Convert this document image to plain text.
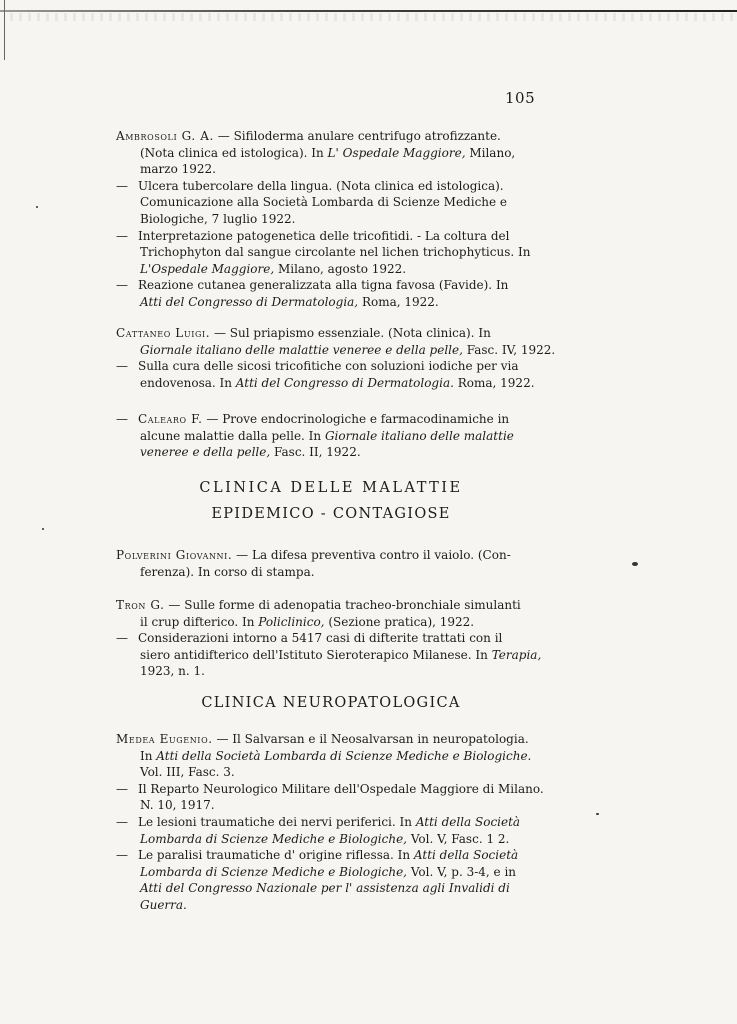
105

Ambrosoli G. A. — Sifiloderma anulare centrifugo atrofizzante.
(Nota clinica ed istologica). In L' Ospedale Maggiore, Milano,
marzo 1922.

— Ulcera tubercolare della lingua. (Nota clinica ed istologica).
Comunicazione alla Società Lombarda di Scienze Mediche e
Biologiche, 7 luglio 1922.

— Interpretazione patogenetica delle tricofitidi. - La coltura del
Trichophyton dal sangue circolante nel lichen trichophyticus. In
L'Ospedale Maggiore, Milano, agosto 1922.

— Reazione cutanea generalizzata alla tigna favosa (Favide). In
Atti del Congresso di Dermatologia, Roma, 1922.

Cattaneo Luigi. — Sul priapismo essenziale. (Nota clinica). In
Giornale italiano delle malattie veneree e della pelle, Fasc. IV, 1922.

— Sulla cura delle sicosi tricofitiche con soluzioni iodiche per via
endovenosa. In Atti del Congresso di Dermatologia. Roma, 1922.

— Calearo F. — Prove endocrinologiche e farmacodinamiche in
alcune malattie dalla pelle. In Giornale italiano delle malattie
veneree e della pelle, Fasc. II, 1922.

CLINICA DELLE MALATTIE
EPIDEMICO - CONTAGIOSE

Polverini Giovanni. — La difesa preventiva contro il vaiolo. (Con-
ferenza). In corso di stampa.

Tron G. — Sulle forme di adenopatia tracheo-bronchiale simulanti
il crup difterico. In Policlinico, (Sezione pratica), 1922.

— Considerazioni intorno a 5417 casi di difterite trattati con il
siero antidifterico dell'Istituto Sieroterapico Milanese. In Terapia,
1923, n. 1.

CLINICA NEUROPATOLOGICA

Medea Eugenio. — Il Salvarsan e il Neosalvarsan in neuropatologia.
In Atti della Società Lombarda di Scienze Mediche e Biologiche.
Vol. III, Fasc. 3.

— Il Reparto Neurologico Militare dell'Ospedale Maggiore di Milano.
N. 10, 1917.

— Le lesioni traumatiche dei nervi periferici. In Atti della Società
Lombarda di Scienze Mediche e Biologiche, Vol. V, Fasc. 1 2.

— Le paralisi traumatiche d' origine riflessa. In Atti della Società
Lombarda di Scienze Mediche e Biologiche, Vol. V, p. 3-4, e in
Atti del Congresso Nazionale per l' assistenza agli Invalidi di
Guerra.
